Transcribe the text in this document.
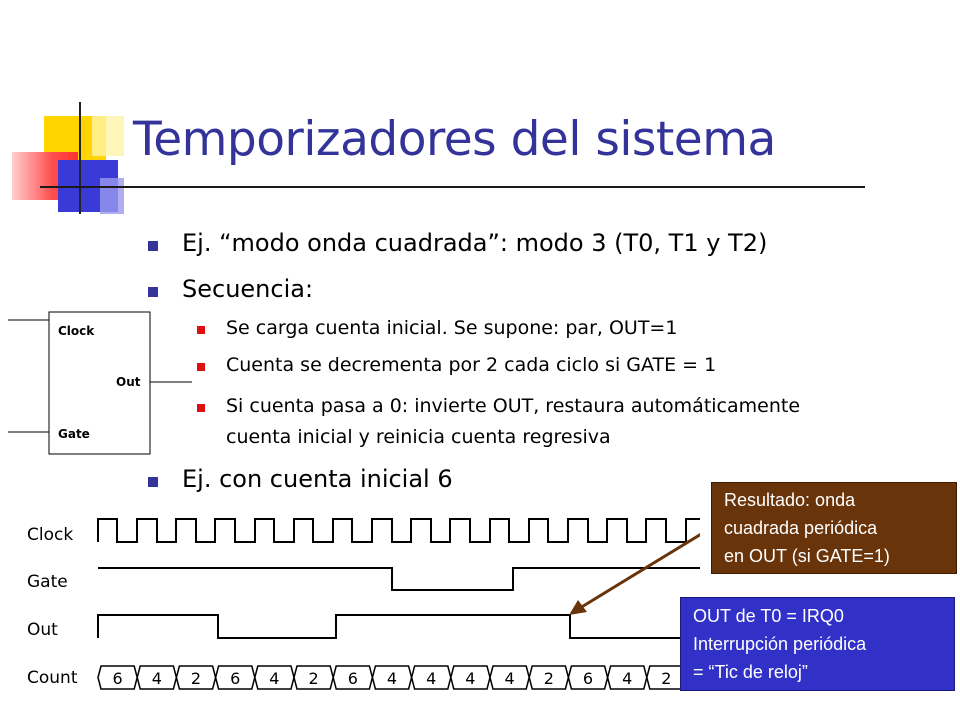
Temporizadores del sistema
Ej. “modo onda cuadrada”: modo 3 (T0, T1 y T2)
Secuencia:
Se carga cuenta inicial. Se supone: par, OUT=1
Cuenta se decrementa por 2 cada ciclo si GATE = 1
Si cuenta pasa a 0: invierte OUT, restaura automáticamente
cuenta inicial y reinicia cuenta regresiva
Ej. con cuenta inicial 6
Clock
Out
Gate
Clock
Gate
Out
Count 6 4 2 6 4 2 6 4 4 4 4 2 6 4 2
Resultado: onda
cuadrada periódica
en OUT (si GATE=1)
OUT de T0 = IRQ0
Interrupción periódica
= “Tic de reloj”
